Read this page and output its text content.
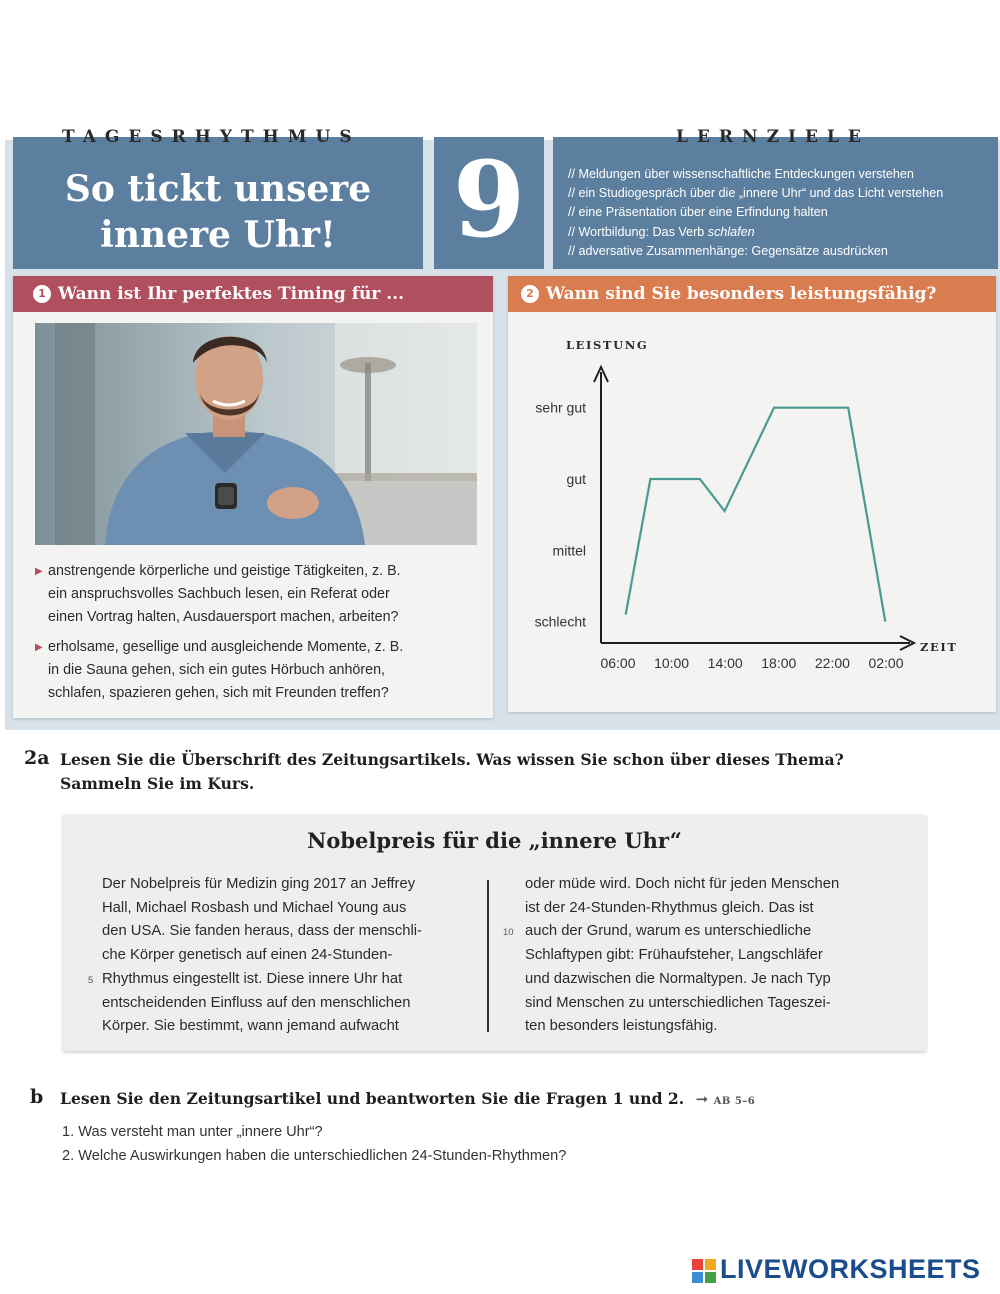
TAGESRHYTHMUS
So tickt unsere
innere Uhr!	9
LERNZIELE
// Meldungen über wissenschaftliche Entdeckungen verstehen
// ein Studiogespräch über die „innere Uhr“ und das Licht verstehen
// eine Präsentation über eine Erfindung halten
// Wortbildung: Das Verb schlafen
// adversative Zusammenhänge: Gegensätze ausdrücken
1 Wann ist Ihr perfektes Timing für ...
▶ anstrengende körperliche und geistige Tätigkeiten, z. B.
ein anspruchsvolles Sachbuch lesen, ein Referat oder
einen Vortrag halten, Ausdauersport machen, arbeiten?
▶ erholsame, gesellige und ausgleichende Momente, z. B.
in die Sauna gehen, sich ein gutes Hörbuch anhören,
schlafen, spazieren gehen, sich mit Freunden treffen?
2 Wann sind Sie besonders leistungsfähig?
LEISTUNG
ZEIT
schlecht
mittel
gut
sehr gut
06:00 10:00 14:00 18:00 22:00 02:00
2a Lesen Sie die Überschrift des Zeitungsartikels. Was wissen Sie schon über dieses Thema?
Sammeln Sie im Kurs.
Nobelpreis für die „innere Uhr“
Der Nobelpreis für Medizin ging 2017 an Jeffrey
Hall, Michael Rosbash und Michael Young aus
den USA. Sie fanden heraus, dass der menschli-
che Körper genetisch auf einen 24-Stunden-
Rhythmus eingestellt ist. Diese innere Uhr hat
entscheidenden Einfluss auf den menschlichen
Körper. Sie bestimmt, wann jemand aufwacht
5
oder müde wird. Doch nicht für jeden Menschen
ist der 24-Stunden-Rhythmus gleich. Das ist
auch der Grund, warum es unterschiedliche
Schlaftypen gibt: Frühaufsteher, Langschläfer
und dazwischen die Normaltypen. Je nach Typ
sind Menschen zu unterschiedlichen Tageszei-
ten besonders leistungsfähig.
10
b Lesen Sie den Zeitungsartikel und beantworten Sie die Fragen 1 und 2. ➞ AB 5–6
1. Was versteht man unter „innere Uhr“?
2. Welche Auswirkungen haben die unterschiedlichen 24-Stunden-Rhythmen?
LIVEWORKSHEETS
